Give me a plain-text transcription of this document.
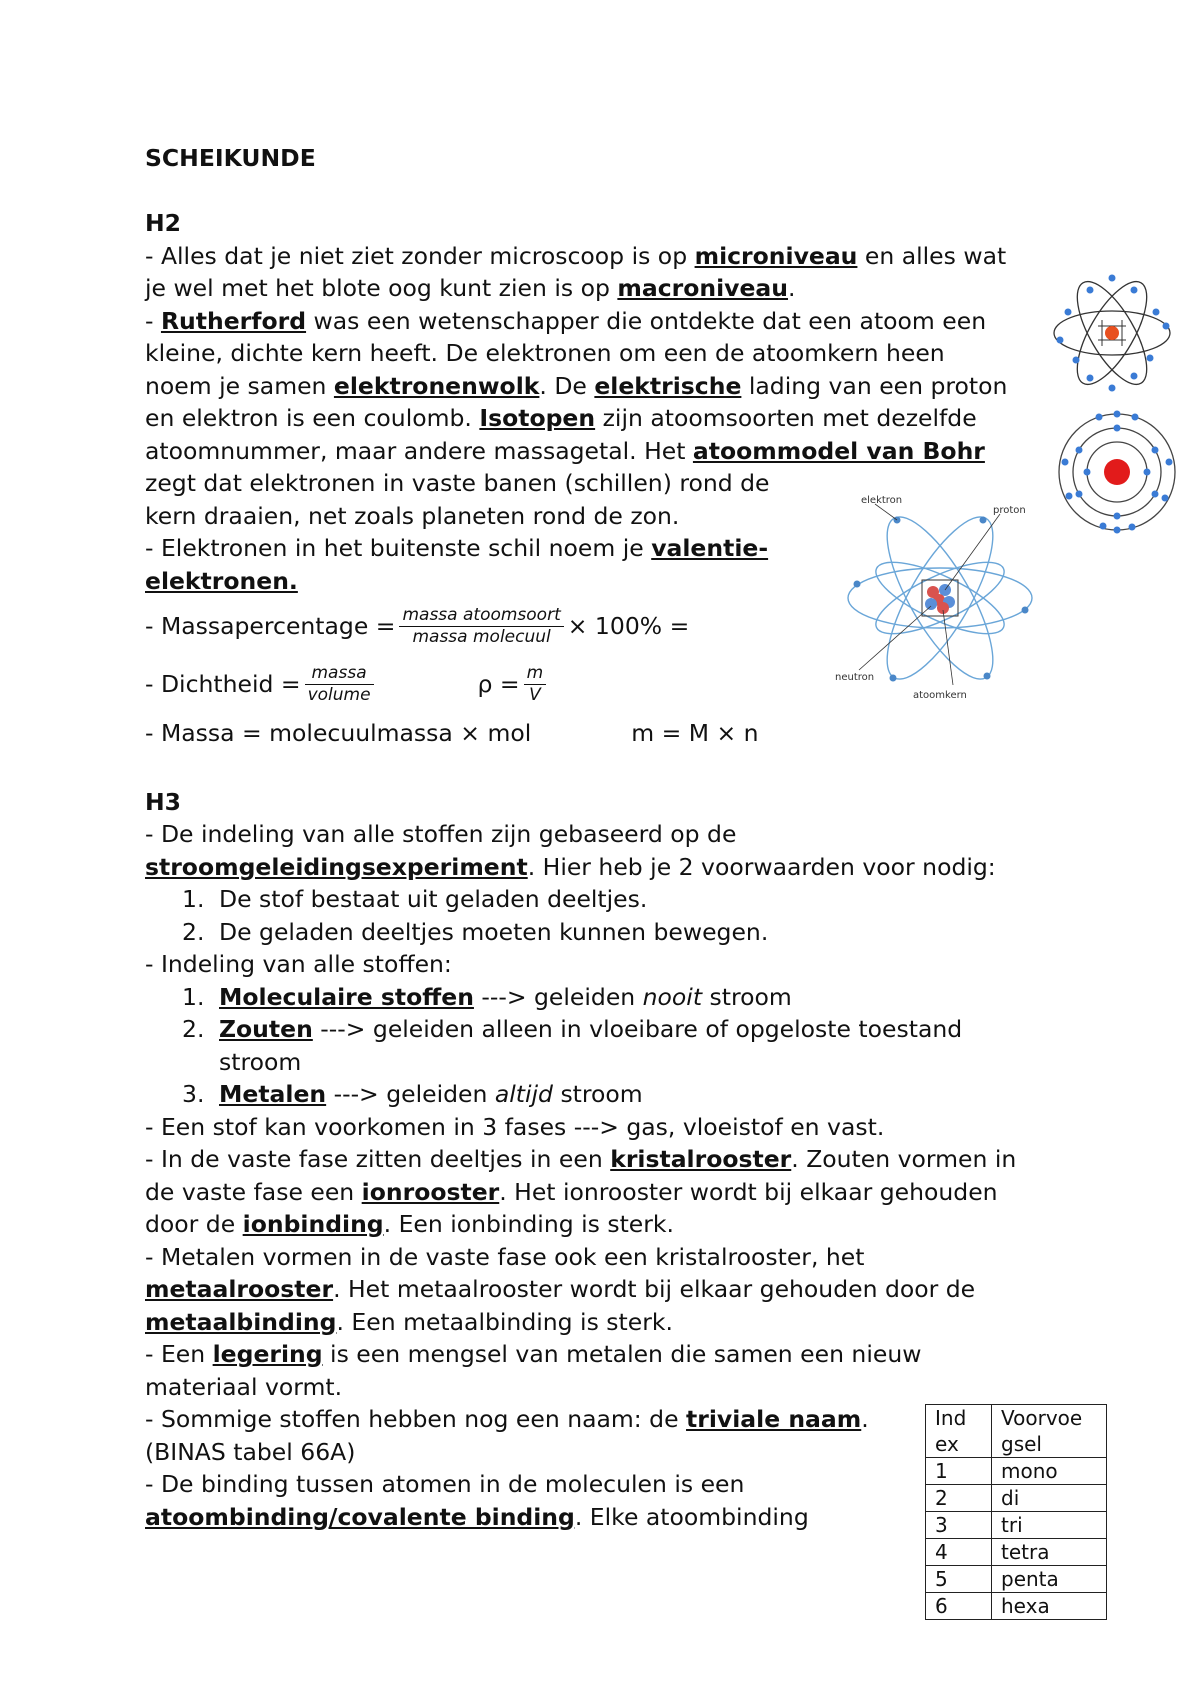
SCHEIKUNDE
H2
- Alles dat je niet ziet zonder microscoop is op microniveau en alles wat
je wel met het blote oog kunt zien is op macroniveau.
- Rutherford was een wetenschapper die ontdekte dat een atoom een
kleine, dichte kern heeft. De elektronen om een de atoomkern heen
noem je samen elektronenwolk. De elektrische lading van een proton
en elektron is een coulomb. Isotopen zijn atoomsoorten met dezelfde
atoomnummer, maar andere massagetal. Het atoommodel van Bohr
zegt dat elektronen in vaste banen (schillen) rond de
kern draaien, net zoals planeten rond de zon.
- Elektronen in het buitenste schil noem je valentie-
elektronen.
- Massapercentage = $\frac{\text{massa atoomsoort}}{\text{massa molecuul}} \times 100\%$ =
- Dichtheid = $\frac{\text{massa}}{\text{volume}}$	$\rho = \frac{m}{V}$
- Massa = molecuulmassa × mol	m = M × n
H3
- De indeling van alle stoffen zijn gebaseerd op de
stroomgeleidingsexperiment. Hier heb je 2 voorwaarden voor nodig:
1. De stof bestaat uit geladen deeltjes.
2. De geladen deeltjes moeten kunnen bewegen.
- Indeling van alle stoffen:
1. Moleculaire stoffen ---> geleiden nooit stroom
2. Zouten ---> geleiden alleen in vloeibare of opgeloste toestand
stroom
3. Metalen ---> geleiden altijd stroom
- Een stof kan voorkomen in 3 fases ---> gas, vloeistof en vast.
- In de vaste fase zitten deeltjes in een kristalrooster. Zouten vormen in
de vaste fase een ionrooster. Het ionrooster wordt bij elkaar gehouden
door de ionbinding. Een ionbinding is sterk.
- Metalen vormen in de vaste fase ook een kristalrooster, het
metaalrooster. Het metaalrooster wordt bij elkaar gehouden door de
metaalbinding. Een metaalbinding is sterk.
- Een legering is een mengsel van metalen die samen een nieuw
materiaal vormt.
- Sommige stoffen hebben nog een naam: de triviale naam.
(BINAS tabel 66A)
- De binding tussen atomen in de moleculen is een
atoombinding/covalente binding. Elke atoombinding
elektron
proton
neutron
atoomkern
Ind
ex	Voorvoe
gsel
1	mono
2	di
3	tri
4	tetra
5	penta
6	hexa
